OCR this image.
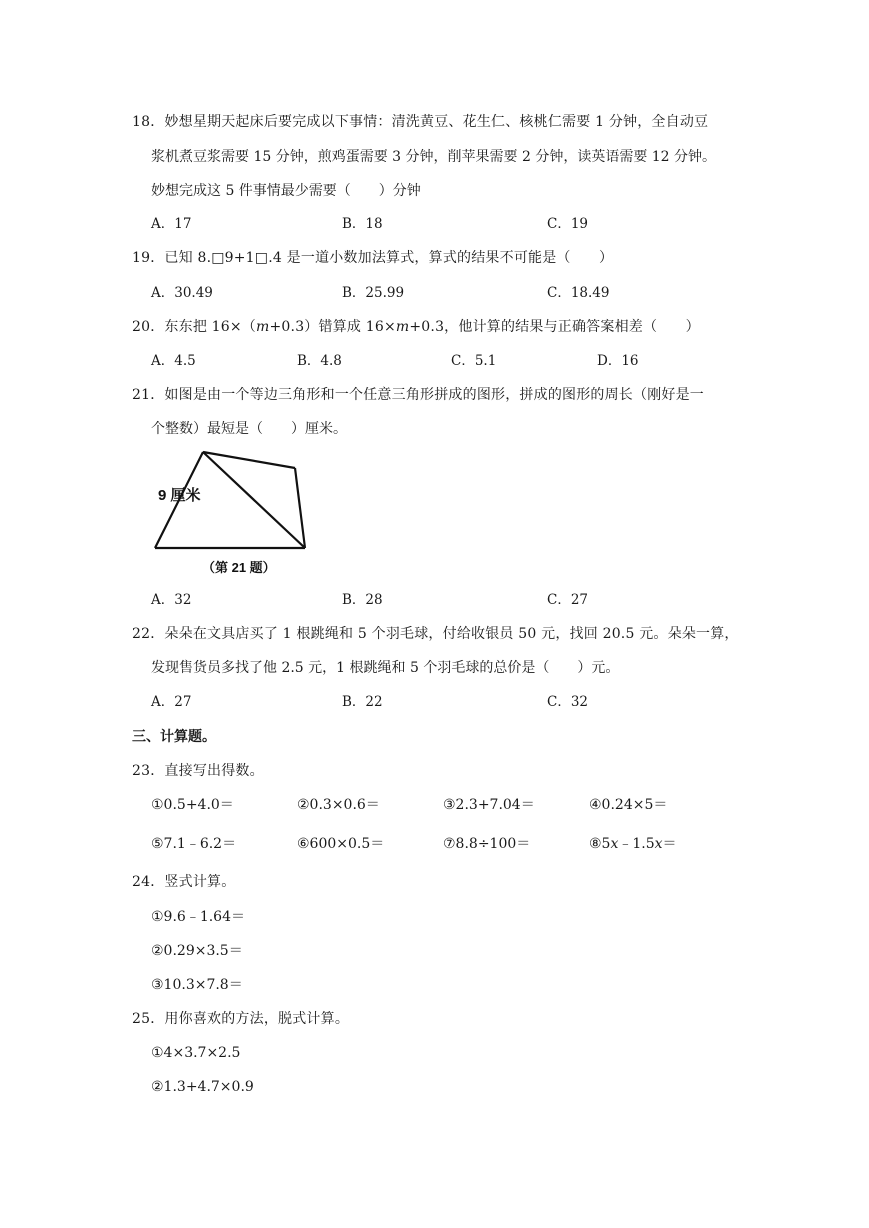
18．妙想星期天起床后要完成以下事情：清洗黄豆、花生仁、核桃仁需要 1 分钟，全自动豆
浆机煮豆浆需要 15 分钟，煎鸡蛋需要 3 分钟，削苹果需要 2 分钟，读英语需要 12 分钟。
妙想完成这 5 件事情最少需要（　　）分钟
A．17	B．18	C．19
19．已知 8.□9+1□.4 是一道小数加法算式，算式的结果不可能是（　　）
A．30.49	B．25.99	C．18.49
20．东东把 16×（m+0.3）错算成 16×m+0.3，他计算的结果与正确答案相差（　　）
A．4.5	B．4.8	C．5.1	D．16
21．如图是由一个等边三角形和一个任意三角形拼成的图形，拼成的图形的周长（刚好是一
个整数）最短是（　　）厘米。
9 厘米
（第 21 题）
A．32	B．28	C．27
22．朵朵在文具店买了 1 根跳绳和 5 个羽毛球，付给收银员 50 元，找回 20.5 元。朵朵一算，
发现售货员多找了他 2.5 元，1 根跳绳和 5 个羽毛球的总价是（　　）元。
A．27	B．22	C．32
三、计算题。
23．直接写出得数。
①0.5+4.0＝	②0.3×0.6＝	③2.3+7.04＝	④0.24×5＝
⑤7.1﹣6.2＝	⑥600×0.5＝	⑦8.8÷100＝	⑧5x﹣1.5x＝
24．竖式计算。
①9.6﹣1.64＝
②0.29×3.5＝
③10.3×7.8＝
25．用你喜欢的方法，脱式计算。
①4×3.7×2.5
②1.3+4.7×0.9
